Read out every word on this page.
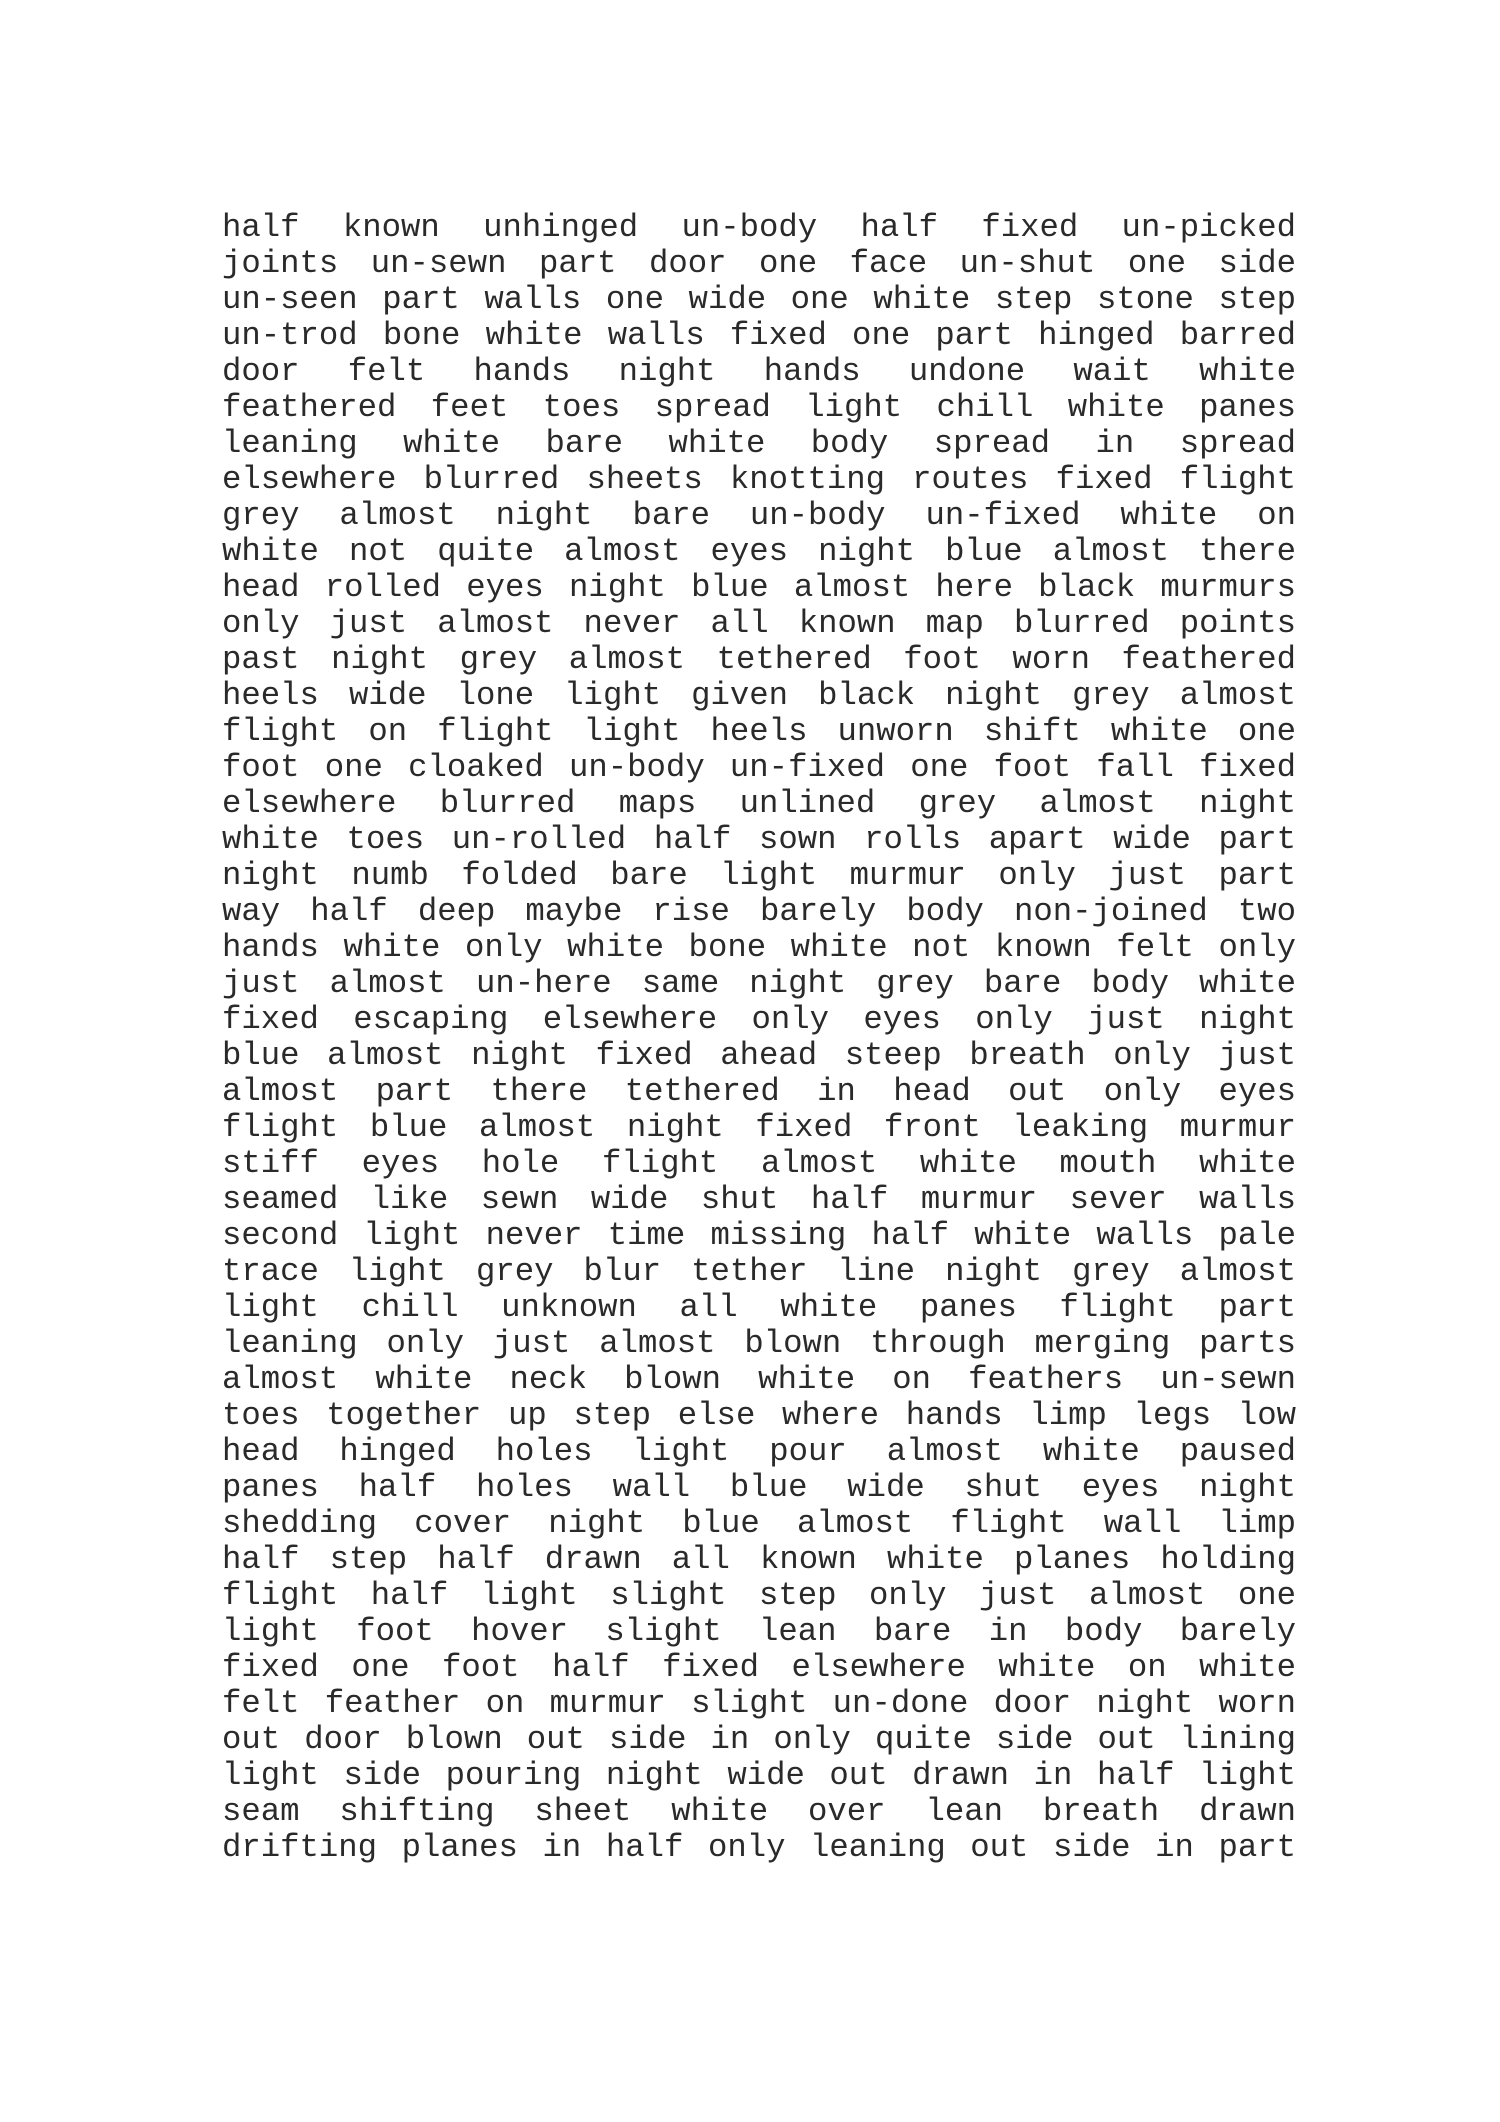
half known unhinged un-body half fixed un-picked
joints un-sewn part door one face un-shut one side
un-seen part walls one wide one white step stone step
un-trod bone white walls fixed one part hinged barred
door felt hands night hands undone wait white
feathered feet toes spread light chill white panes
leaning white bare white body spread in spread
elsewhere blurred sheets knotting routes fixed flight
grey almost night bare un-body un-fixed white on
white not quite almost eyes night blue almost there
head rolled eyes night blue almost here black murmurs
only just almost never all known map blurred points
past night grey almost tethered foot worn feathered
heels wide lone light given black night grey almost
flight on flight light heels unworn shift white one
foot one cloaked un-body un-fixed one foot fall fixed
elsewhere blurred maps unlined grey almost night
white toes un-rolled half sown rolls apart wide part
night numb folded bare light murmur only just part
way half deep maybe rise barely body non-joined two
hands white only white bone white not known felt only
just almost un-here same night grey bare body white
fixed escaping elsewhere only eyes only just night
blue almost night fixed ahead steep breath only just
almost part there tethered in head out only eyes
flight blue almost night fixed front leaking murmur
stiff eyes hole flight almost white mouth white
seamed like sewn wide shut half murmur sever walls
second light never time missing half white walls pale
trace light grey blur tether line night grey almost
light chill unknown all white panes flight part
leaning only just almost blown through merging parts
almost white neck blown white on feathers un-sewn
toes together up step else where hands limp legs low
head hinged holes light pour almost white paused
panes half holes wall blue wide shut eyes night
shedding cover night blue almost flight wall limp
half step half drawn all known white planes holding
flight half light slight step only just almost one
light foot hover slight lean bare in body barely
fixed one foot half fixed elsewhere white on white
felt feather on murmur slight un-done door night worn
out door blown out side in only quite side out lining
light side pouring night wide out drawn in half light
seam shifting sheet white over lean breath drawn
drifting planes in half only leaning out side in part
